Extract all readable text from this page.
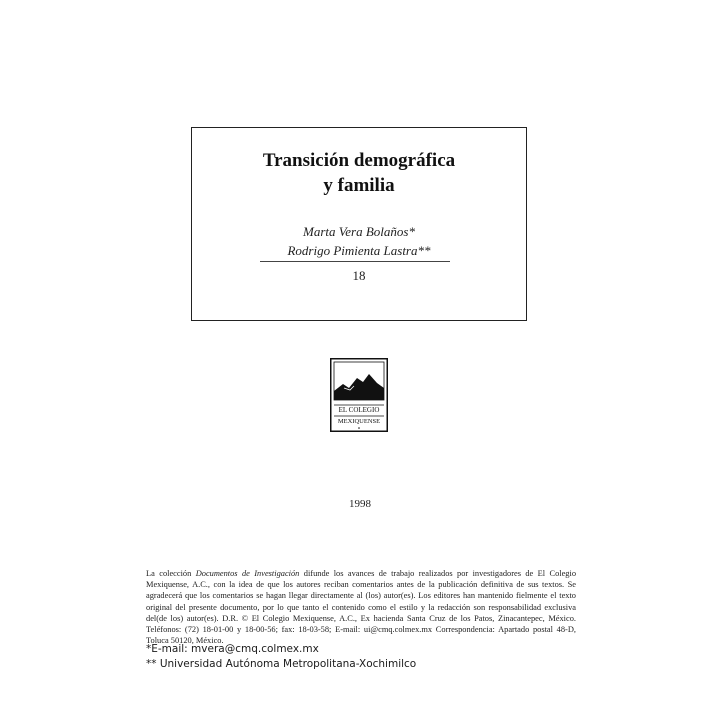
Transición demográfica
y familia
Marta Vera Bolaños*
Rodrigo Pimienta Lastra**
18
EL COLEGIO
MEXIQUENSE
1998
La colección Documentos de Investigación difunde los avances de trabajo realizados por investigadores de El Colegio Mexiquense, A.C., con la idea de que los autores reciban comentarios antes de la publicación definitiva de sus textos. Se agradecerá que los comentarios se hagan llegar directamente al (los) autor(es). Los editores han mantenido fielmente el texto original del presente documento, por lo que tanto el contenido como el estilo y la redacción son responsabilidad exclusiva del(de los) autor(es). D.R. © El Colegio Mexiquense, A.C., Ex hacienda Santa Cruz de los Patos, Zinacantepec, México. Teléfonos: (72) 18-01-00 y 18-00-56; fax: 18-03-58; E-mail: ui@cmq.colmex.mx Correspondencia: Apartado postal 48-D, Toluca 50120, México.
*E-mail: mvera@cmq.colmex.mx
** Universidad Autónoma Metropolitana-Xochimilco
